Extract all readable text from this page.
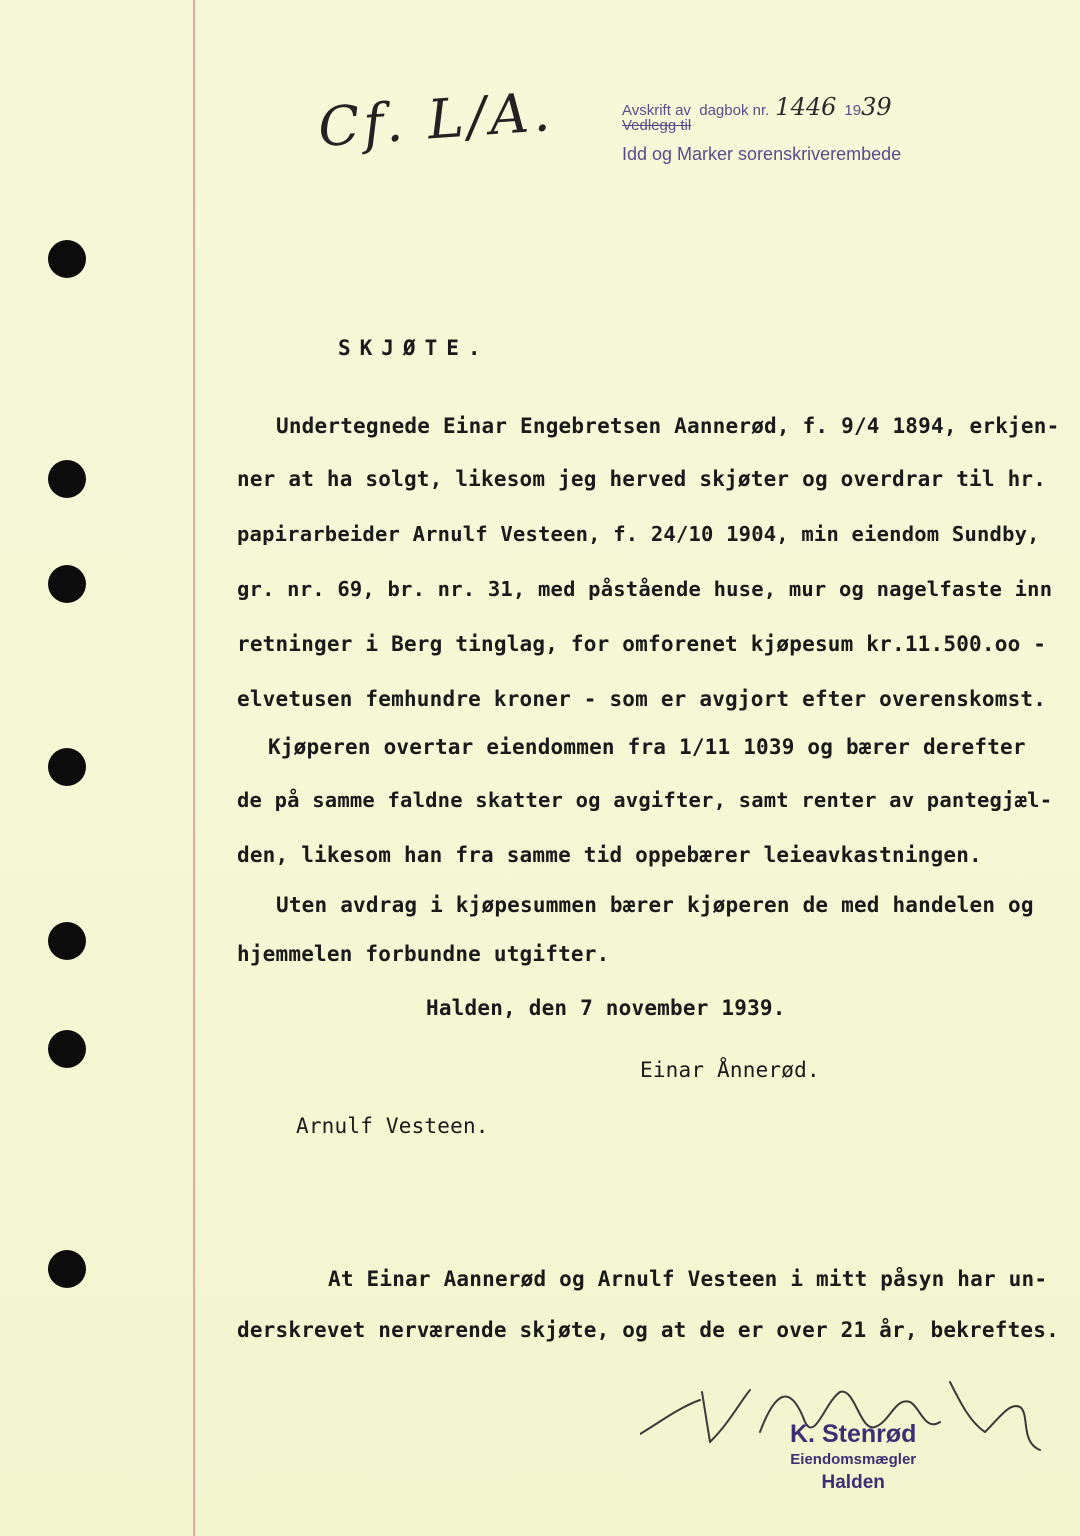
Cf. L/A.	Avskrift av
Vedlegg til
dagbok nr. 1446 19 39
Idd og Marker sorenskriverembede
SKJØTE.
Undertegnede Einar Engebretsen Aannerød, f. 9/4 1894, erkjen-
ner at ha solgt, likesom jeg herved skjøter og overdrar til hr.
papirarbeider Arnulf Vesteen, f. 24/10 1904, min eiendom Sundby,
gr. nr. 69, br. nr. 31, med påstående huse, mur og nagelfaste inn
retninger i Berg tinglag, for omforenet kjøpesum kr.11.500.oo -
elvetusen femhundre kroner - som er avgjort efter overenskomst.
Kjøperen overtar eiendommen fra 1/11 1039 og bærer derefter
de på samme faldne skatter og avgifter, samt renter av pantegjæl-
den, likesom han fra samme tid oppebærer leieavkastningen.
Uten avdrag i kjøpesummen bærer kjøperen de med handelen og
hjemmelen forbundne utgifter.
Halden, den 7 november 1939.
Einar Ånnerød.
Arnulf Vesteen.
At Einar Aannerød og Arnulf Vesteen i mitt påsyn har un-
derskrevet nerværende skjøte, og at de er over 21 år, bekreftes.
K. Stenrød
Eiendomsmægler
Halden
